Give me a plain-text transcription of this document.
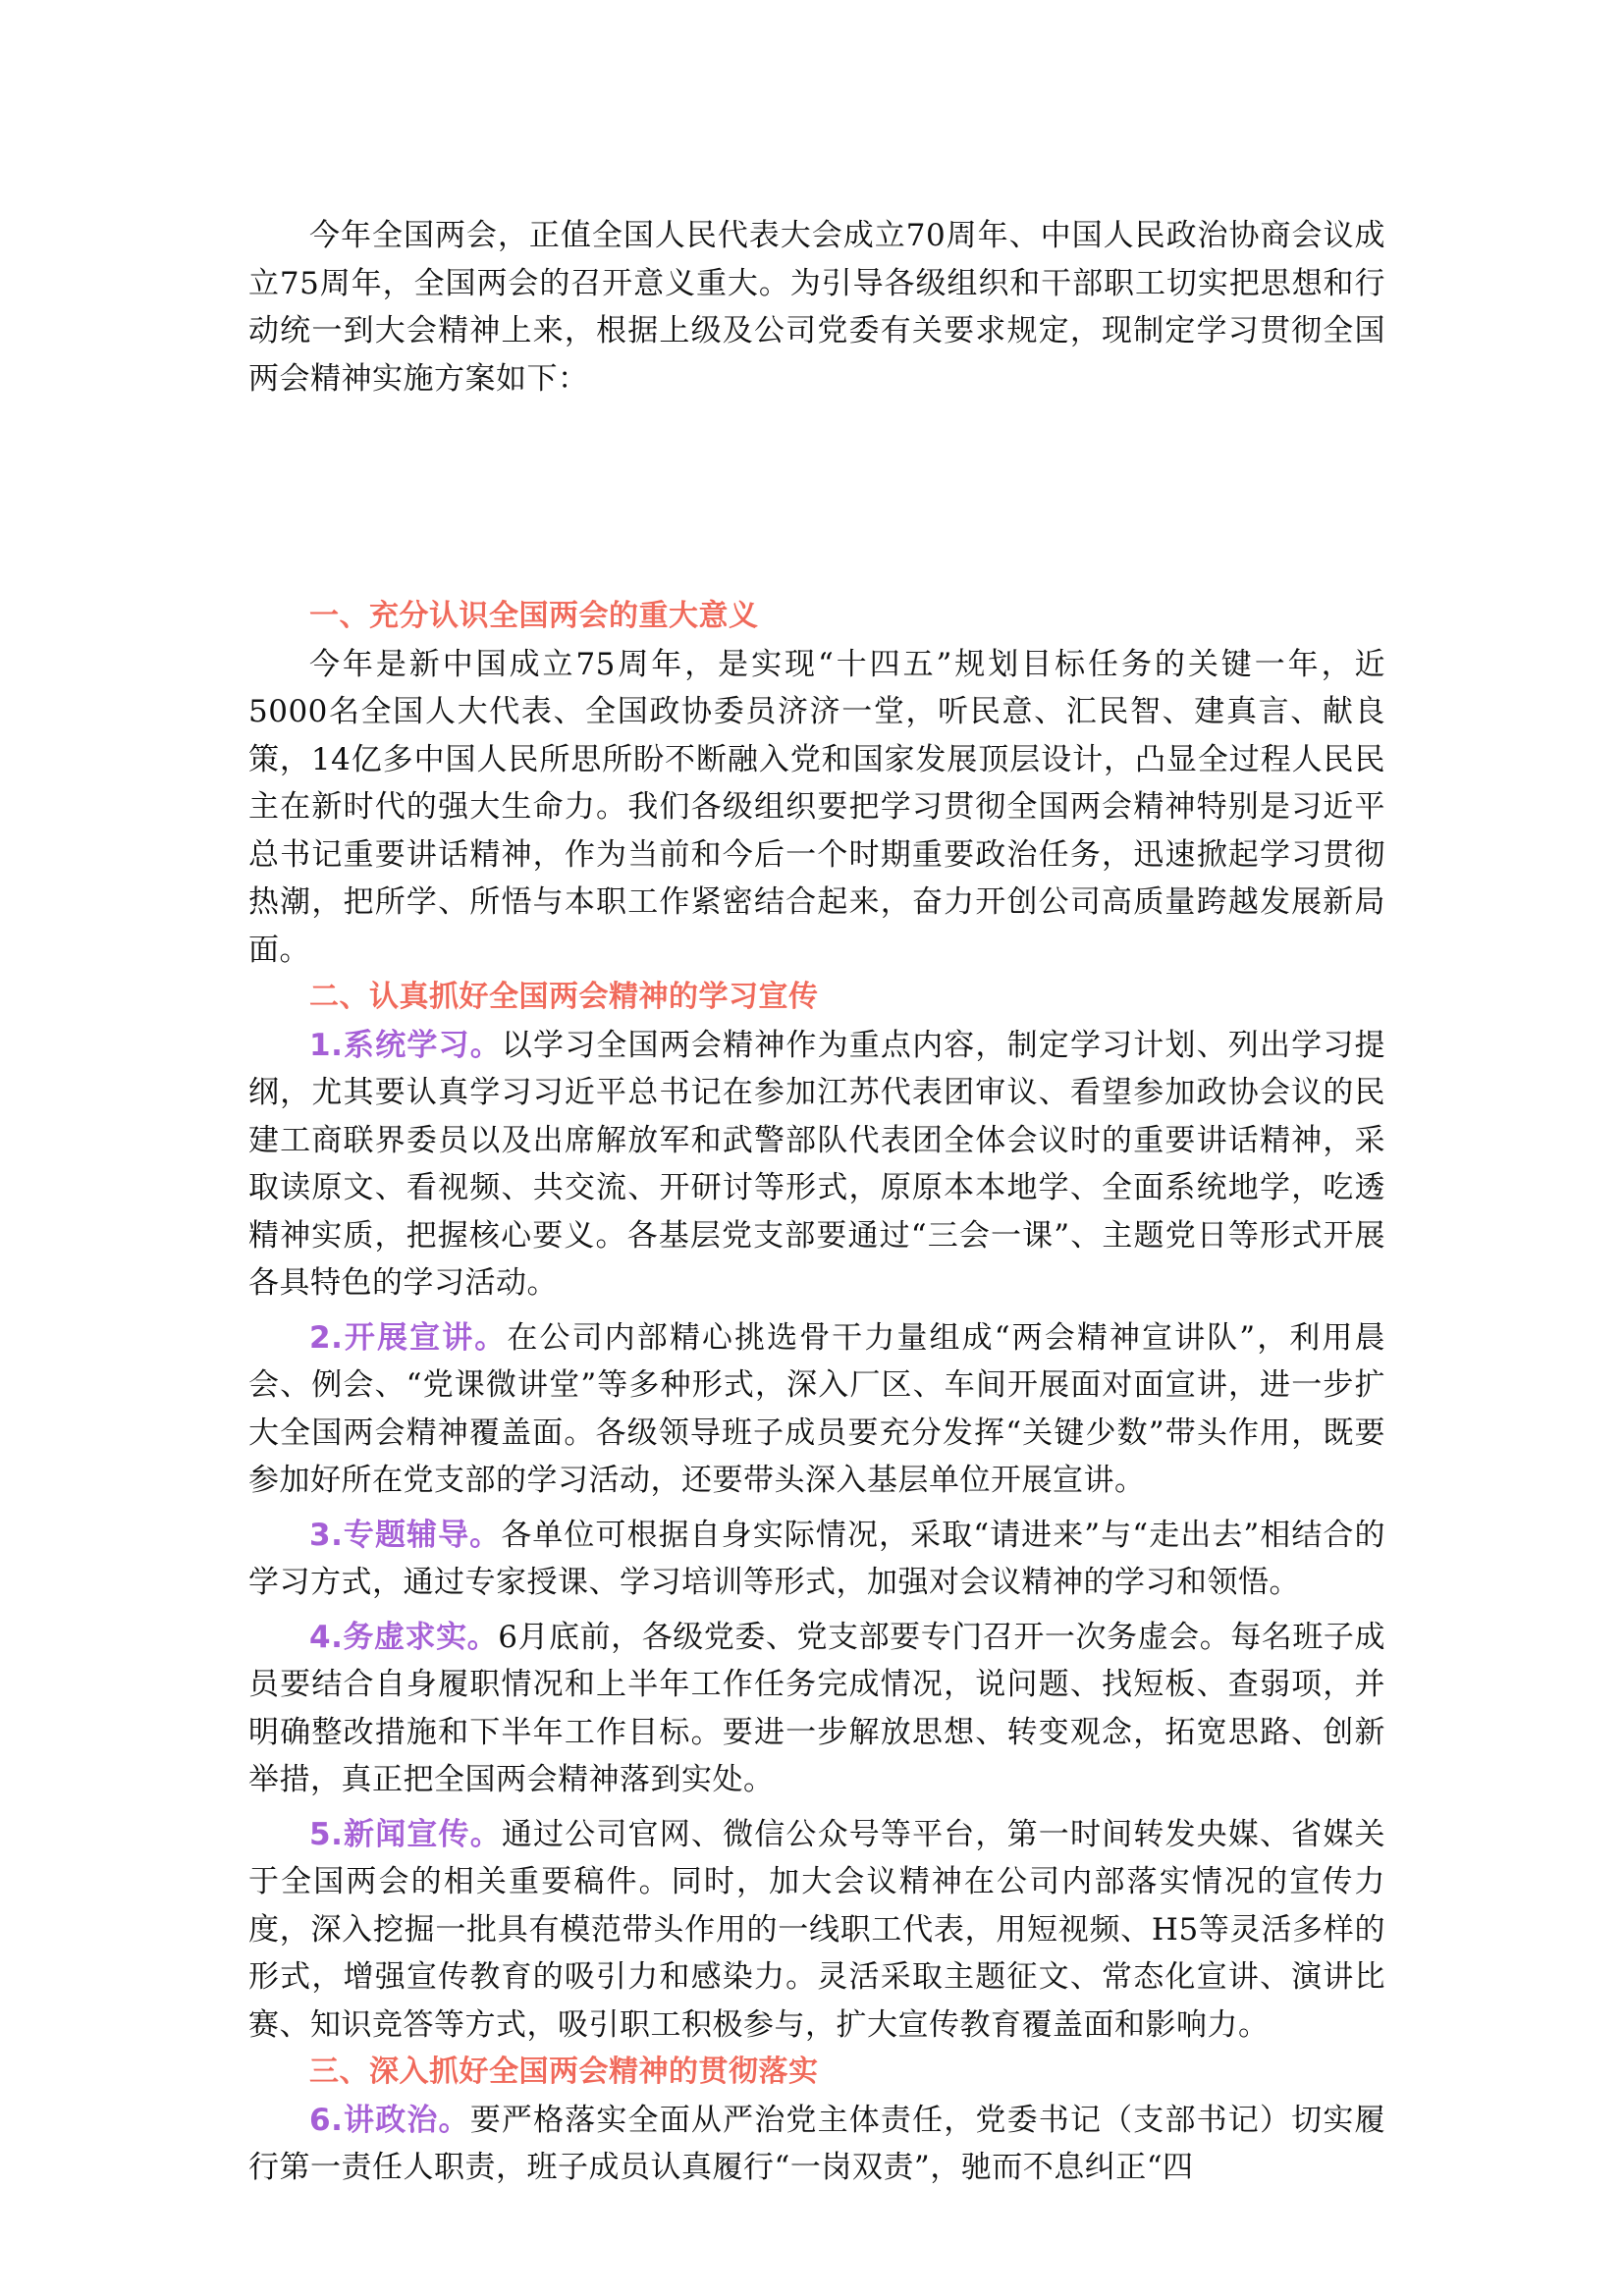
今年全国两会，正值全国人民代表大会成立70周年、中国人民政治协商会议成立75周年，全国两会的召开意义重大。为引导各级组织和干部职工切实把思想和行动统一到大会精神上来，根据上级及公司党委有关要求规定，现制定学习贯彻全国两会精神实施方案如下：

一、充分认识全国两会的重大意义

今年是新中国成立75周年，是实现“十四五”规划目标任务的关键一年，近5000名全国人大代表、全国政协委员济济一堂，听民意、汇民智、建真言、献良策，14亿多中国人民所思所盼不断融入党和国家发展顶层设计，凸显全过程人民民主在新时代的强大生命力。我们各级组织要把学习贯彻全国两会精神特别是习近平总书记重要讲话精神，作为当前和今后一个时期重要政治任务，迅速掀起学习贯彻热潮，把所学、所悟与本职工作紧密结合起来，奋力开创公司高质量跨越发展新局面。

二、认真抓好全国两会精神的学习宣传

1.系统学习。以学习全国两会精神作为重点内容，制定学习计划、列出学习提纲，尤其要认真学习习近平总书记在参加江苏代表团审议、看望参加政协会议的民建工商联界委员以及出席解放军和武警部队代表团全体会议时的重要讲话精神，采取读原文、看视频、共交流、开研讨等形式，原原本本地学、全面系统地学，吃透精神实质，把握核心要义。各基层党支部要通过“三会一课”、主题党日等形式开展各具特色的学习活动。

2.开展宣讲。在公司内部精心挑选骨干力量组成“两会精神宣讲队”，利用晨会、例会、“党课微讲堂”等多种形式，深入厂区、车间开展面对面宣讲，进一步扩大全国两会精神覆盖面。各级领导班子成员要充分发挥“关键少数”带头作用，既要参加好所在党支部的学习活动，还要带头深入基层单位开展宣讲。

3.专题辅导。各单位可根据自身实际情况，采取“请进来”与“走出去”相结合的学习方式，通过专家授课、学习培训等形式，加强对会议精神的学习和领悟。

4.务虚求实。6月底前，各级党委、党支部要专门召开一次务虚会。每名班子成员要结合自身履职情况和上半年工作任务完成情况，说问题、找短板、查弱项，并明确整改措施和下半年工作目标。要进一步解放思想、转变观念，拓宽思路、创新举措，真正把全国两会精神落到实处。

5.新闻宣传。通过公司官网、微信公众号等平台，第一时间转发央媒、省媒关于全国两会的相关重要稿件。同时，加大会议精神在公司内部落实情况的宣传力度，深入挖掘一批具有模范带头作用的一线职工代表，用短视频、H5等灵活多样的形式，增强宣传教育的吸引力和感染力。灵活采取主题征文、常态化宣讲、演讲比赛、知识竞答等方式，吸引职工积极参与，扩大宣传教育覆盖面和影响力。

三、深入抓好全国两会精神的贯彻落实

6.讲政治。要严格落实全面从严治党主体责任，党委书记（支部书记）切实履行第一责任人职责，班子成员认真履行“一岗双责”，驰而不息纠正“四
